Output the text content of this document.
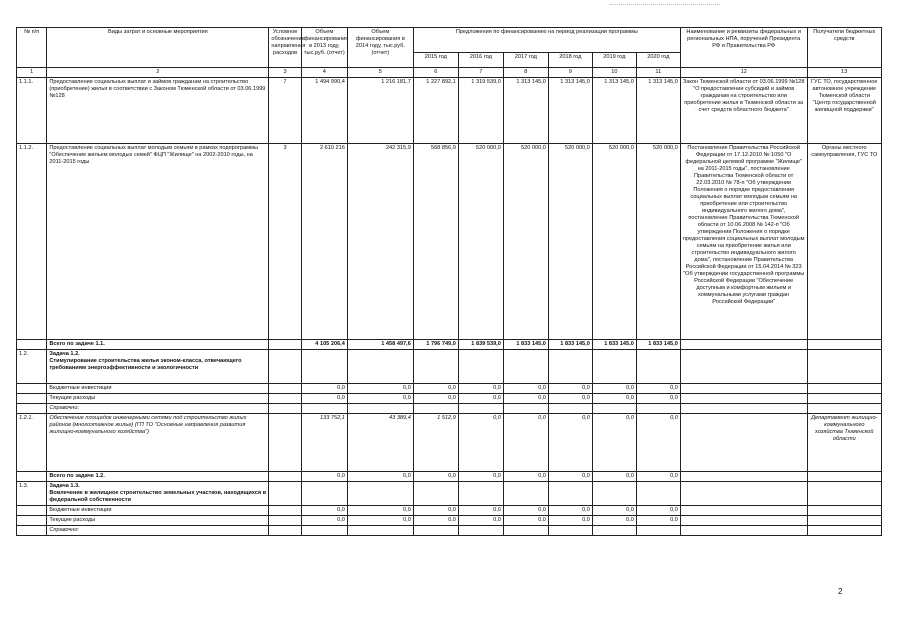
№ п/п	Виды затрат и основные мероприятия	Условное обозначение направления расходов	Объем финансирования в 2013 году, тыс.руб. (отчет)	Объем финансирования в 2014 году, тыс.руб. (отчет)	Предложения по финансированию на период реализации программы						Наименование и реквизиты федеральных и региональных НПА, поручений Президента РФ и Правительства РФ	Получатели бюджетных средств
					2015 год	2016 год	2017 год	2018 год	2019 год	2020 год		
1	2	3	4	5	6	7	8	9	10	11	12	13
1.1.1.	Предоставление социальных выплат и займов гражданам на строительство (приобретение) жилья в соответствии с Законом Тюменской области от 03.06.1999 №128	7	1 494 990,4	1 216 181,7	1 227 892,1	1 319 539,0	1 313 145,0	1 313 145,0	1 313 145,0	1 313 145,0	Закон Тюменской области от 03.06.1999 №128 "О предоставлении субсидий и займов гражданам на строительство или приобретение жилья в Тюменской области за счет средств областного бюджета"	ГУС ТО, государственное автономное учреждение Тюменской области "Центр государственной жилищной поддержки"
1.1.2.	Предоставление социальных выплат молодым семьям в рамках подпрограммы "Обеспечение жильем молодых семей" ФЦП "Жилище" на 2002-2010 годы, на 2011-2015 годы	3	2 610 216	242 315,9	568 856,9	520 000,0	520 000,0	520 000,0	520 000,0	520 000,0	Постановление Правительства Российской Федерации от 17.12.2010 № 1050 "О федеральной целевой программе "Жилище" на 2011-2015 годы", постановление Правительства Тюменской области от 22.03.2010 № 78-п "Об утверждении Положения о порядке предоставления социальных выплат молодым семьям на приобретение или строительство индивидуального жилого дома", постановление Правительства Тюменской области от 10.06.2008 № 142-п "Об утверждении Положения о порядке предоставления социальных выплат молодым семьям на приобретение жилья или строительство индивидуального жилого дома", постановление Правительства Российской Федерации от 15.04.2014 № 323 "Об утверждении государственной программы Российской Федерации "Обеспечение доступным и комфортным жильем и коммунальными услугами граждан Российской Федерации"	Органы местного самоуправления, ГУС ТО
	Всего по задаче 1.1.		4 105 206,4	1 458 497,6	1 796 749,0	1 839 539,0	1 833 145,0	1 833 145,0	1 833 145,0	1 833 145,0		
1.2.	Задача 1.2.
Стимулирование строительства жилья эконом-класса, отвечающего требованиям энергоэффективности и экологичности											
	Бюджетные инвестиции		0,0	0,0	0,0	0,0	0,0	0,0	0,0	0,0		
	Текущие расходы		0,0	0,0	0,0	0,0	0,0	0,0	0,0	0,0		
	Справочно:											
1.2.1.	Обеспечение площадок инженерными сетями под строительство жилых районов (многоэтажное жилье) (ГП ТО "Основные направления развития жилищно-коммунального хозяйства")		133 752,1	43 389,4	1 512,9	0,0	0,0	0,0	0,0	0,0		Департамент жилищно-коммунального хозяйства Тюменской области
	Всего по задаче 1.2.		0,0	0,0	0,0	0,0	0,0	0,0	0,0	0,0		
1.3.	Задача 1.3.
Вовлечение в жилищное строительство земельных участков, находящихся в федеральной собственности											
	Бюджетные инвестиции		0,0	0,0	0,0	0,0	0,0	0,0	0,0	0,0		
	Текущие расходы		0,0	0,0	0,0	0,0	0,0	0,0	0,0	0,0		
	Справочно:											
2
